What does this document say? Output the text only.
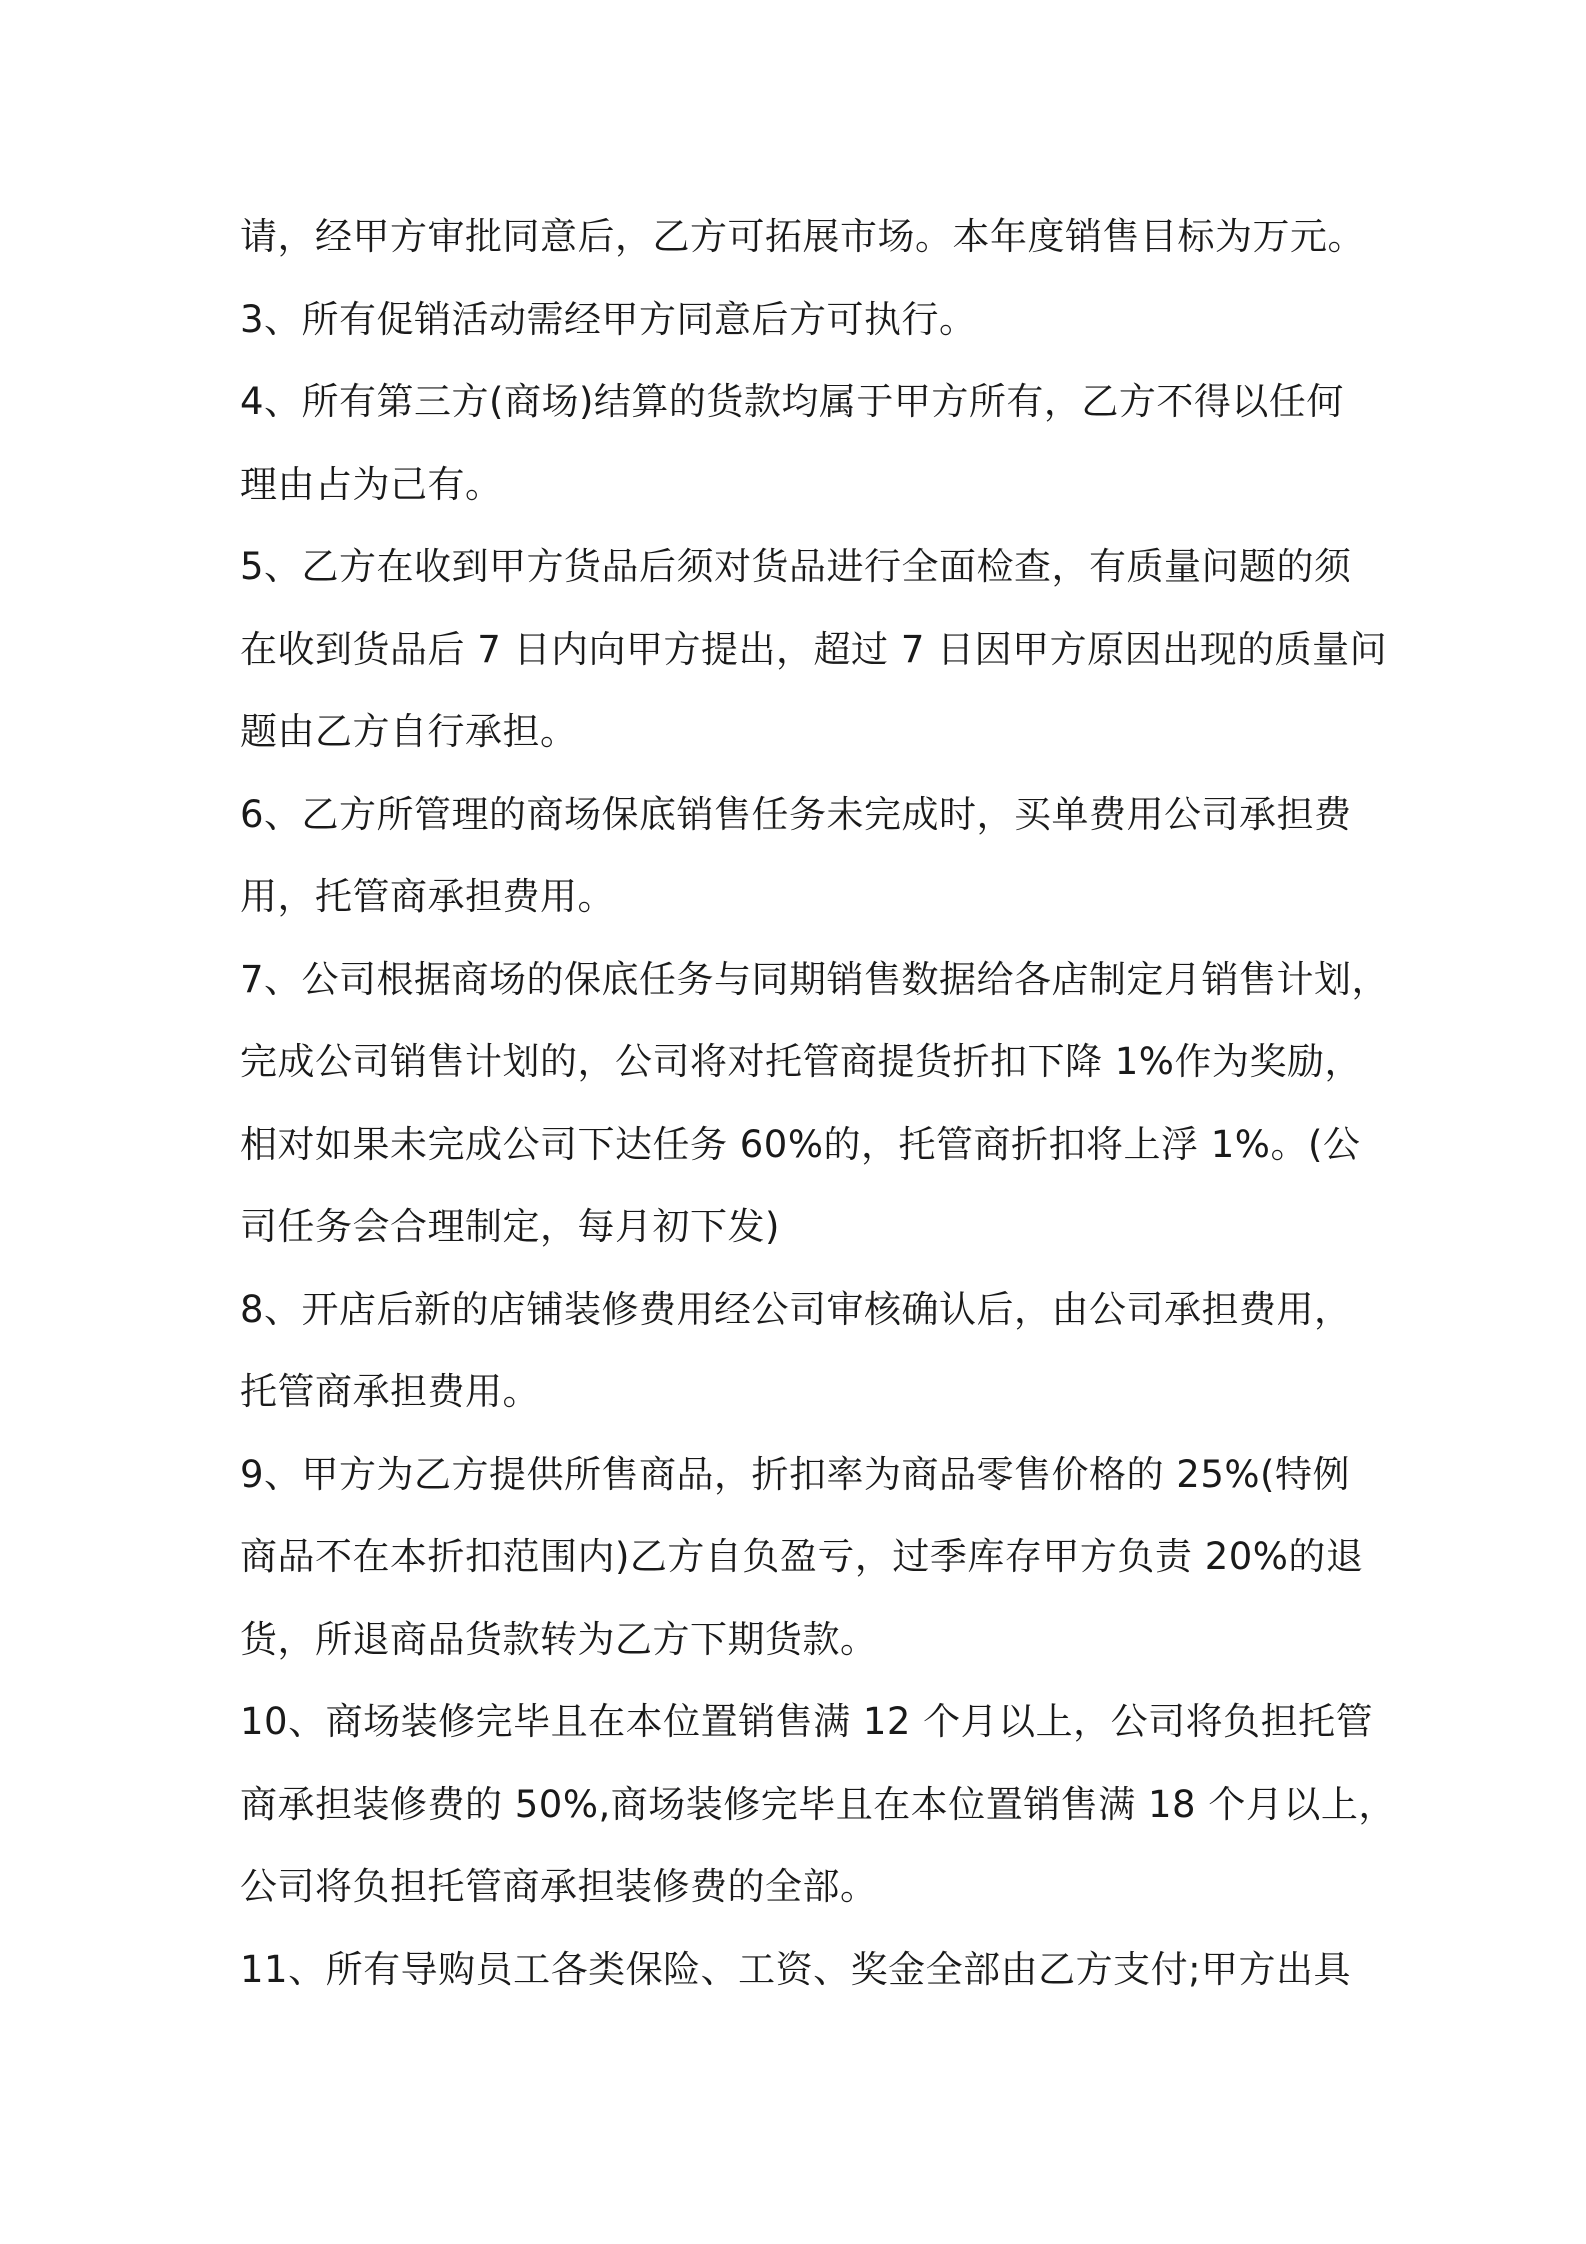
请，经甲方审批同意后，乙方可拓展市场。本年度销售目标为万元。
3、所有促销活动需经甲方同意后方可执行。
4、所有第三方(商场)结算的货款均属于甲方所有，乙方不得以任何
理由占为己有。
5、乙方在收到甲方货品后须对货品进行全面检查，有质量问题的须
在收到货品后 7 日内向甲方提出，超过 7 日因甲方原因出现的质量问
题由乙方自行承担。
6、乙方所管理的商场保底销售任务未完成时，买单费用公司承担费
用，托管商承担费用。
7、公司根据商场的保底任务与同期销售数据给各店制定月销售计划，
完成公司销售计划的，公司将对托管商提货折扣下降 1%作为奖励，
相对如果未完成公司下达任务 60%的，托管商折扣将上浮 1%。(公
司任务会合理制定，每月初下发)
8、开店后新的店铺装修费用经公司审核确认后，由公司承担费用，
托管商承担费用。
9、甲方为乙方提供所售商品，折扣率为商品零售价格的 25%(特例
商品不在本折扣范围内)乙方自负盈亏，过季库存甲方负责 20%的退
货，所退商品货款转为乙方下期货款。
10、商场装修完毕且在本位置销售满 12 个月以上，公司将负担托管
商承担装修费的 50%,商场装修完毕且在本位置销售满 18 个月以上，
公司将负担托管商承担装修费的全部。
11、所有导购员工各类保险、工资、奖金全部由乙方支付;甲方出具
